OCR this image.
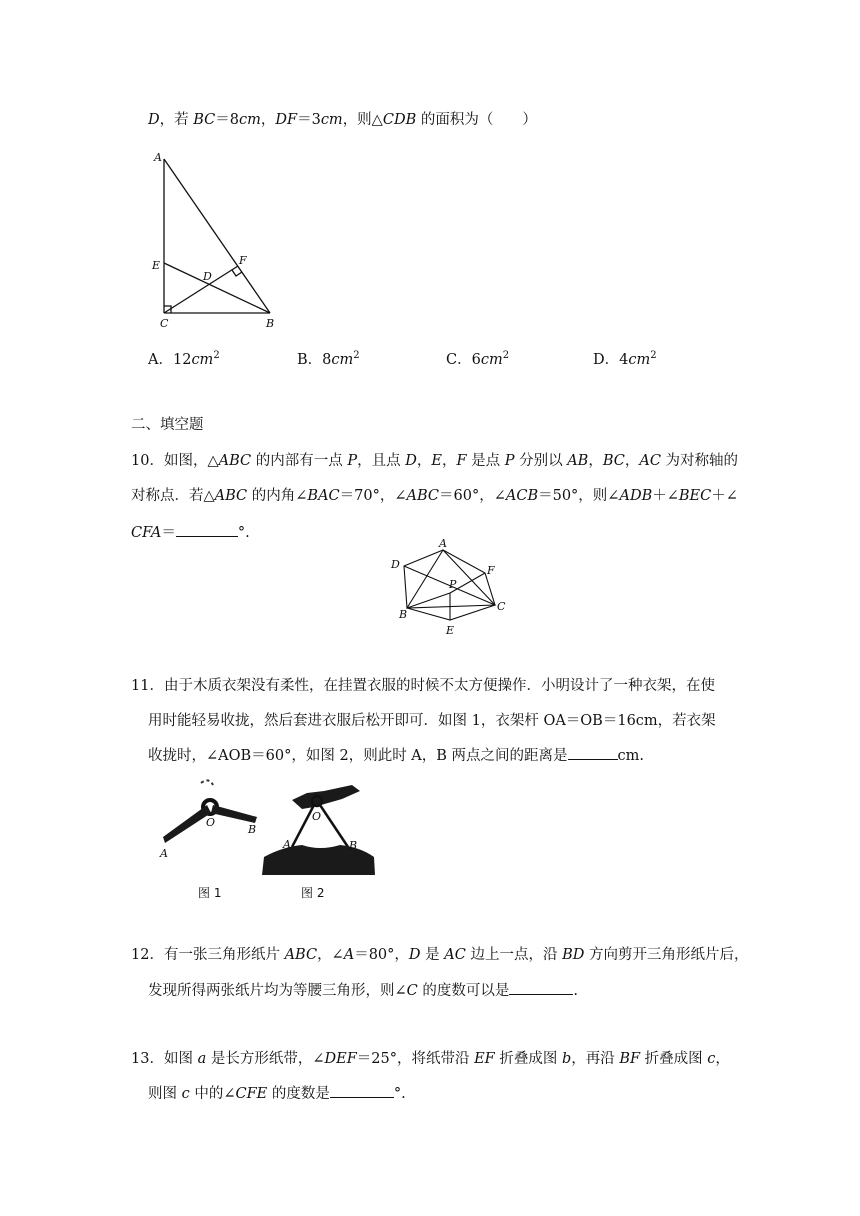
D，若 BC＝8cm，DF＝3cm，则△CDB 的面积为（　　）
A
E	F
D
C	B
A．$12cm^2$	B．$8cm^2$	C．$6cm^2$	D．$4cm^2$
二、填空题
10．如图，△ABC 的内部有一点 P，且点 D，E，F 是点 P 分别以 AB，BC，AC 为对称轴的
对称点．若△ABC 的内角∠BAC＝70°，∠ABC＝60°，∠ACB＝50°，则∠ADB＋∠BEC＋∠
CFA＝	°.
A
D	F
P
B
C
E
11．由于木质衣架没有柔性，在挂置衣服的时候不太方便操作．小明设计了一种衣架，在使
用时能轻易收拢，然后套进衣服后松开即可．如图 1，衣架杆 OA＝OB＝16cm，若衣架
收拢时，∠AOB＝60°，如图 2，则此时 A，B 两点之间的距离是	cm.
O
A
B
O
A	B
图 1	图 2
12．有一张三角形纸片 ABC，∠A＝80°，D 是 AC 边上一点，沿 BD 方向剪开三角形纸片后，
发现所得两张纸片均为等腰三角形，则∠C 的度数可以是	.
13．如图 a 是长方形纸带，∠DEF＝25°，将纸带沿 EF 折叠成图 b，再沿 BF 折叠成图 c，
则图 c 中的∠CFE 的度数是	°.
